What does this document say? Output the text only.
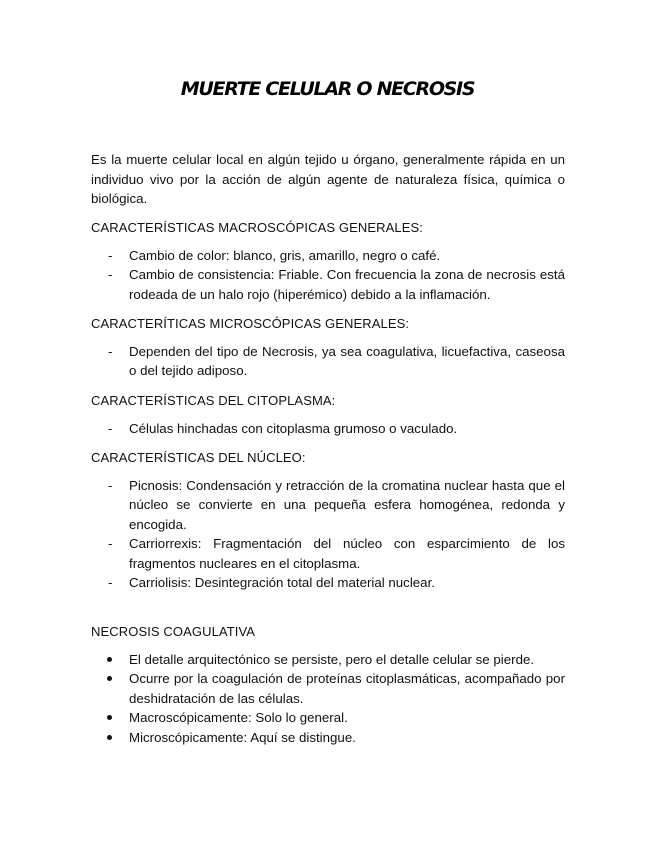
MUERTE CELULAR O NECROSIS

Es la muerte celular local en algún tejido u órgano, generalmente rápida en un individuo vivo por la acción de algún agente de naturaleza física, química o biológica.

CARACTERÍSTICAS MACROSCÓPICAS GENERALES:

- Cambio de color: blanco, gris, amarillo, negro o café.
- Cambio de consistencia: Friable. Con frecuencia la zona de necrosis está rodeada de un halo rojo (hiperémico) debido a la inflamación.

CARACTERÍTICAS MICROSCÓPICAS GENERALES:

- Dependen del tipo de Necrosis, ya sea coagulativa, licuefactiva, caseosa o del tejido adiposo.

CARACTERÍSTICAS DEL CITOPLASMA:

- Células hinchadas con citoplasma grumoso o vaculado.

CARACTERÍSTICAS DEL NÚCLEO:

- Picnosis: Condensación y retracción de la cromatina nuclear hasta que el núcleo se convierte en una pequeña esfera homogénea, redonda y encogida.
- Carriorrexis: Fragmentación del núcleo con esparcimiento de los fragmentos nucleares en el citoplasma.
- Carriolisis: Desintegración total del material nuclear.

NECROSIS COAGULATIVA

El detalle arquitectónico se persiste, pero el detalle celular se pierde.
Ocurre por la coagulación de proteínas citoplasmáticas, acompañado por deshidratación de las células.
Macroscópicamente: Solo lo general.
Microscópicamente: Aquí se distingue.
